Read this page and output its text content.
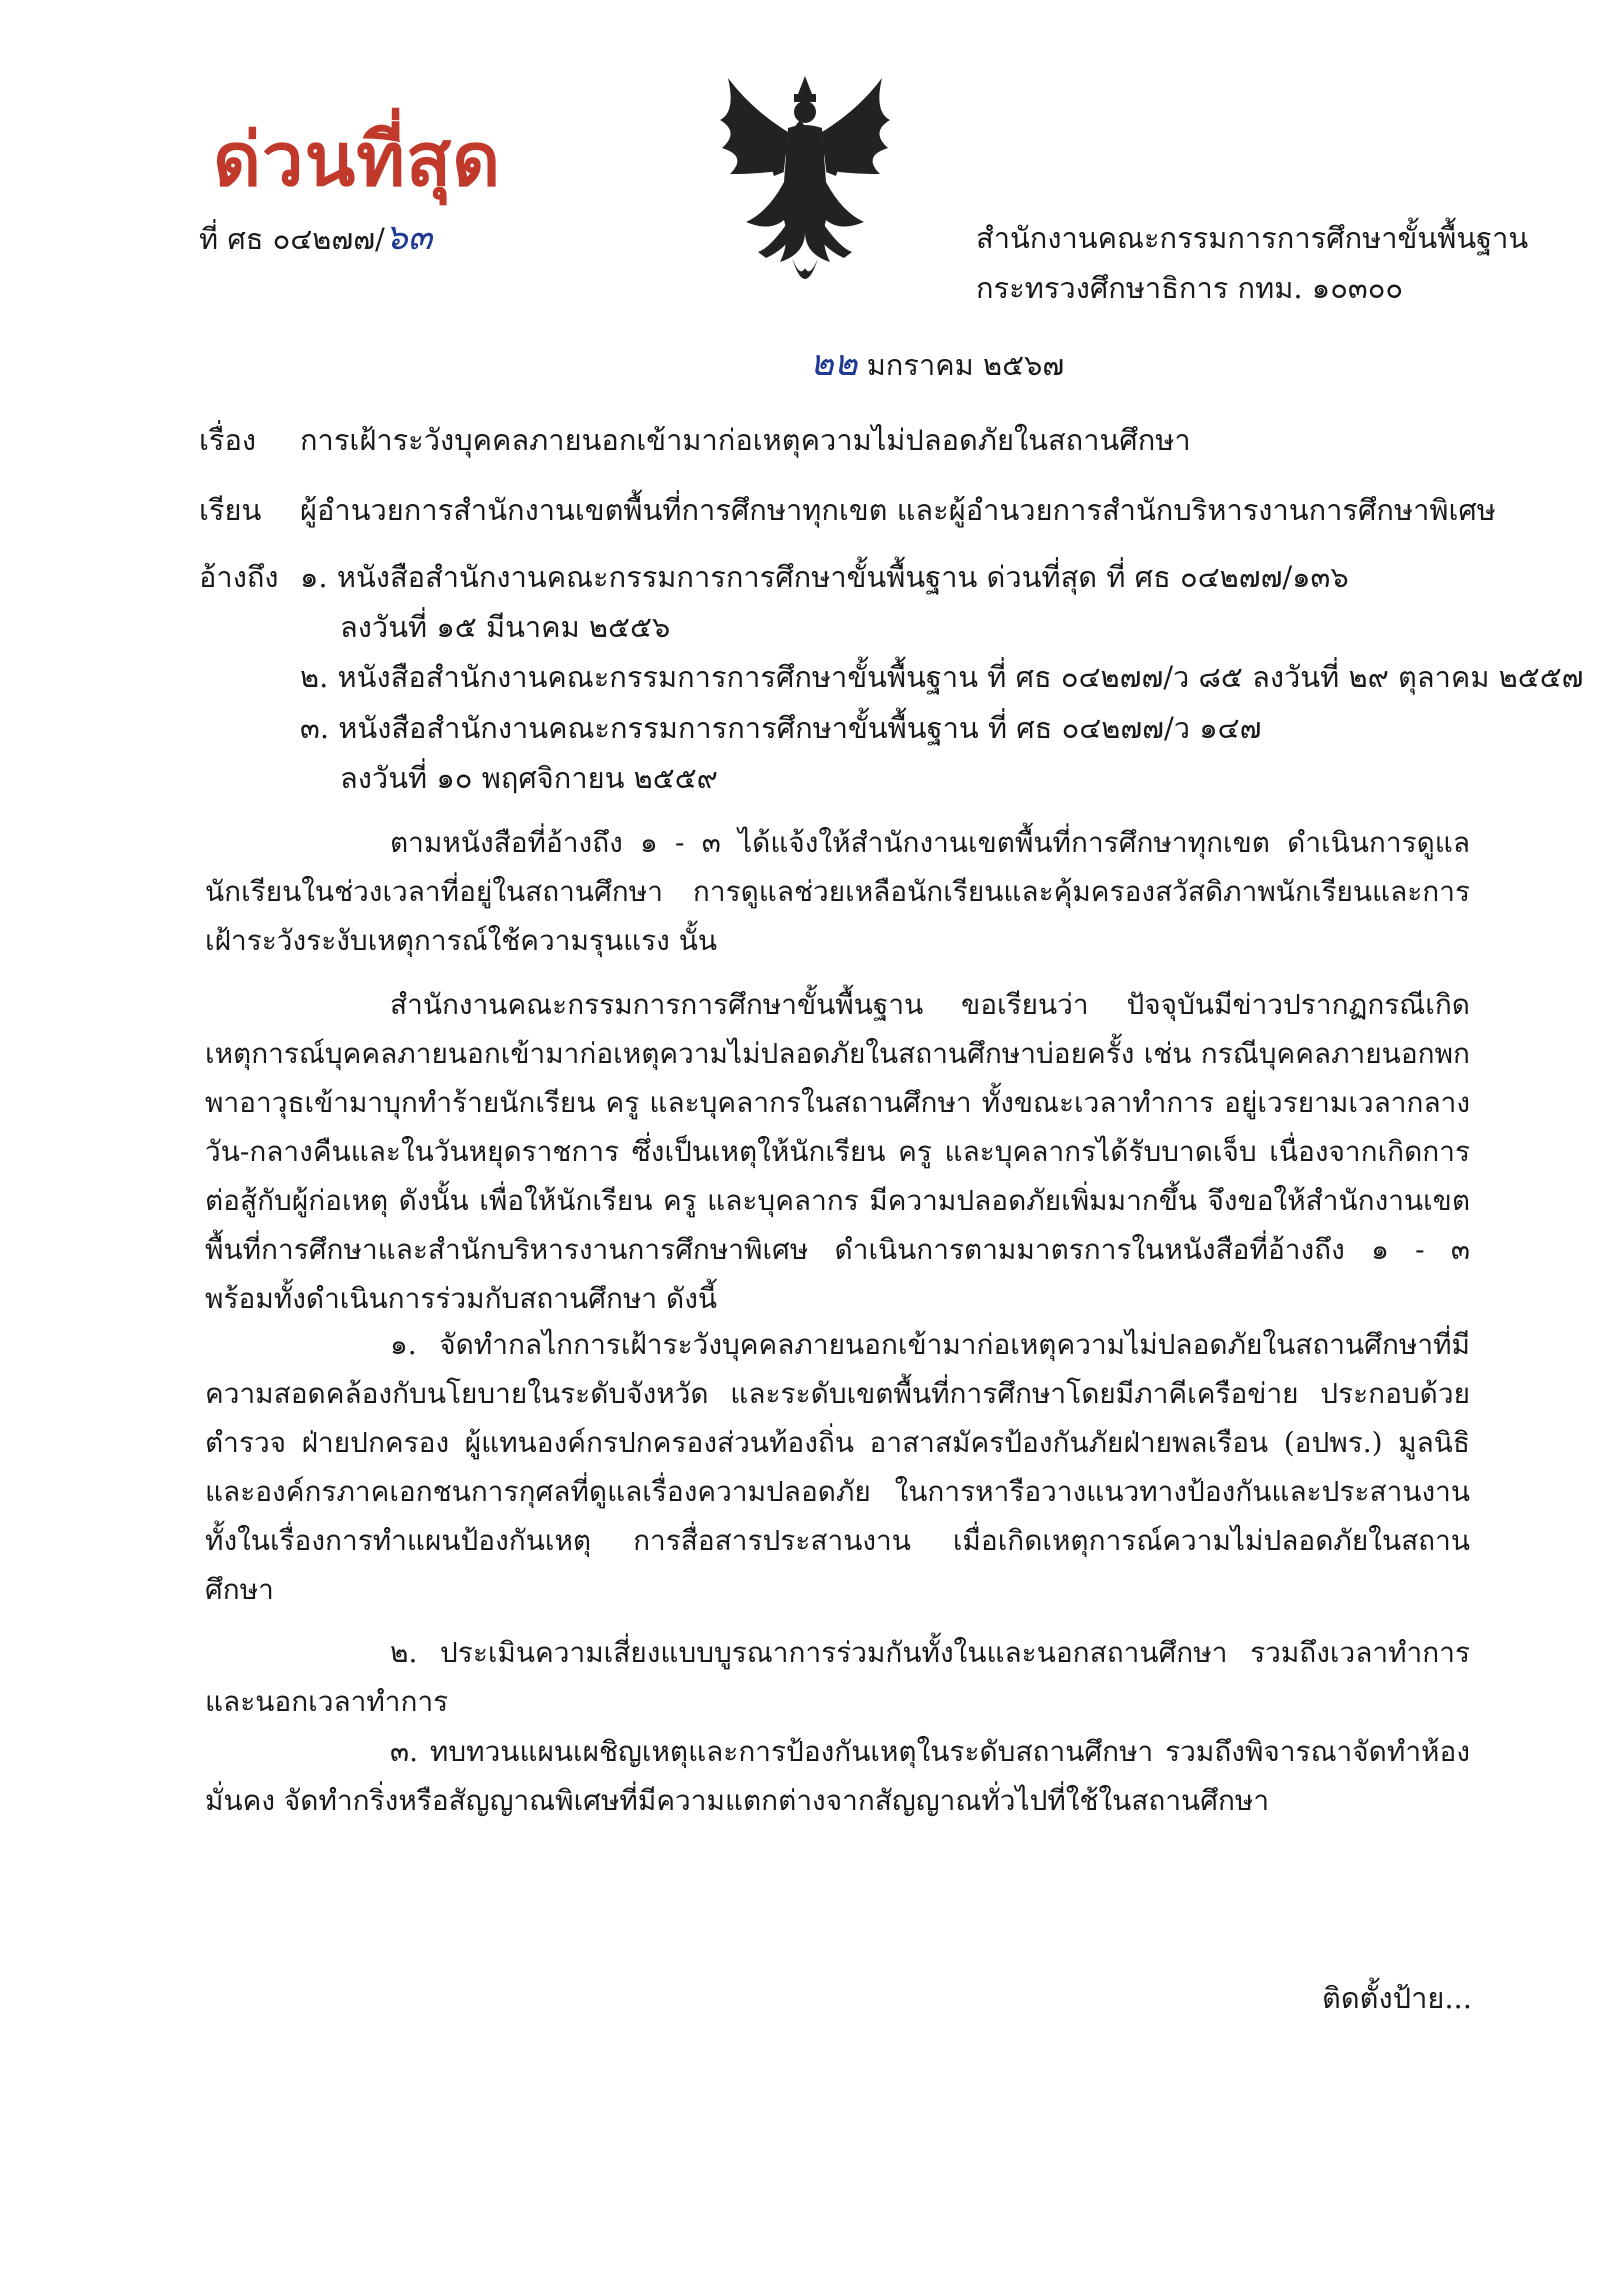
ด่วนที่สุด
ที่ ศธ ๐๔๒๗๗/๖๓	สำนักงานคณะกรรมการการศึกษาขั้นพื้นฐาน
กระทรวงศึกษาธิการ กทม. ๑๐๓๐๐
๒๒ มกราคม ๒๕๖๗
เรื่อง การเฝ้าระวังบุคคลภายนอกเข้ามาก่อเหตุความไม่ปลอดภัยในสถานศึกษา
เรียน ผู้อำนวยการสำนักงานเขตพื้นที่การศึกษาทุกเขต และผู้อำนวยการสำนักบริหารงานการศึกษาพิเศษ
อ้างถึง ๑. หนังสือสำนักงานคณะกรรมการการศึกษาขั้นพื้นฐาน ด่วนที่สุด ที่ ศธ ๐๔๒๗๗/๑๓๖
ลงวันที่ ๑๕ มีนาคม ๒๕๕๖
๒. หนังสือสำนักงานคณะกรรมการการศึกษาขั้นพื้นฐาน ที่ ศธ ๐๔๒๗๗/ว ๘๕ ลงวันที่ ๒๙ ตุลาคม ๒๕๕๗
๓. หนังสือสำนักงานคณะกรรมการการศึกษาขั้นพื้นฐาน ที่ ศธ ๐๔๒๗๗/ว ๑๔๗
ลงวันที่ ๑๐ พฤศจิกายน ๒๕๕๙
ตามหนังสือที่อ้างถึง ๑ - ๓ ได้แจ้งให้สำนักงานเขตพื้นที่การศึกษาทุกเขต ดำเนินการดูแลนักเรียนในช่วงเวลาที่อยู่ในสถานศึกษา การดูแลช่วยเหลือนักเรียนและคุ้มครองสวัสดิภาพนักเรียนและการเฝ้าระวังระงับเหตุการณ์ใช้ความรุนแรง นั้น
สำนักงานคณะกรรมการการศึกษาขั้นพื้นฐาน ขอเรียนว่า ปัจจุบันมีข่าวปรากฏกรณีเกิดเหตุการณ์บุคคลภายนอกเข้ามาก่อเหตุความไม่ปลอดภัยในสถานศึกษาบ่อยครั้ง เช่น กรณีบุคคลภายนอกพกพาอาวุธเข้ามาบุกทำร้ายนักเรียน ครู และบุคลากรในสถานศึกษา ทั้งขณะเวลาทำการ อยู่เวรยามเวลากลางวัน-กลางคืนและในวันหยุดราชการ ซึ่งเป็นเหตุให้นักเรียน ครู และบุคลากรได้รับบาดเจ็บ เนื่องจากเกิดการต่อสู้กับผู้ก่อเหตุ ดังนั้น เพื่อให้นักเรียน ครู และบุคลากร มีความปลอดภัยเพิ่มมากขึ้น จึงขอให้สำนักงานเขตพื้นที่การศึกษาและสำนักบริหารงานการศึกษาพิเศษ ดำเนินการตามมาตรการในหนังสือที่อ้างถึง ๑ - ๓ พร้อมทั้งดำเนินการร่วมกับสถานศึกษา ดังนี้
๑. จัดทำกลไกการเฝ้าระวังบุคคลภายนอกเข้ามาก่อเหตุความไม่ปลอดภัยในสถานศึกษาที่มีความสอดคล้องกับนโยบายในระดับจังหวัด และระดับเขตพื้นที่การศึกษาโดยมีภาคีเครือข่าย ประกอบด้วย ตำรวจ ฝ่ายปกครอง ผู้แทนองค์กรปกครองส่วนท้องถิ่น อาสาสมัครป้องกันภัยฝ่ายพลเรือน (อปพร.) มูลนิธิ และองค์กรภาคเอกชนการกุศลที่ดูแลเรื่องความปลอดภัย ในการหารือวางแนวทางป้องกันและประสานงานทั้งในเรื่องการทำแผนป้องกันเหตุ การสื่อสารประสานงาน เมื่อเกิดเหตุการณ์ความไม่ปลอดภัยในสถานศึกษา
๒. ประเมินความเสี่ยงแบบบูรณาการร่วมกันทั้งในและนอกสถานศึกษา รวมถึงเวลาทำการและนอกเวลาทำการ
๓. ทบทวนแผนเผชิญเหตุและการป้องกันเหตุในระดับสถานศึกษา รวมถึงพิจารณาจัดทำห้องมั่นคง จัดทำกริ่งหรือสัญญาณพิเศษที่มีความแตกต่างจากสัญญาณทั่วไปที่ใช้ในสถานศึกษา
ติดตั้งป้าย...
